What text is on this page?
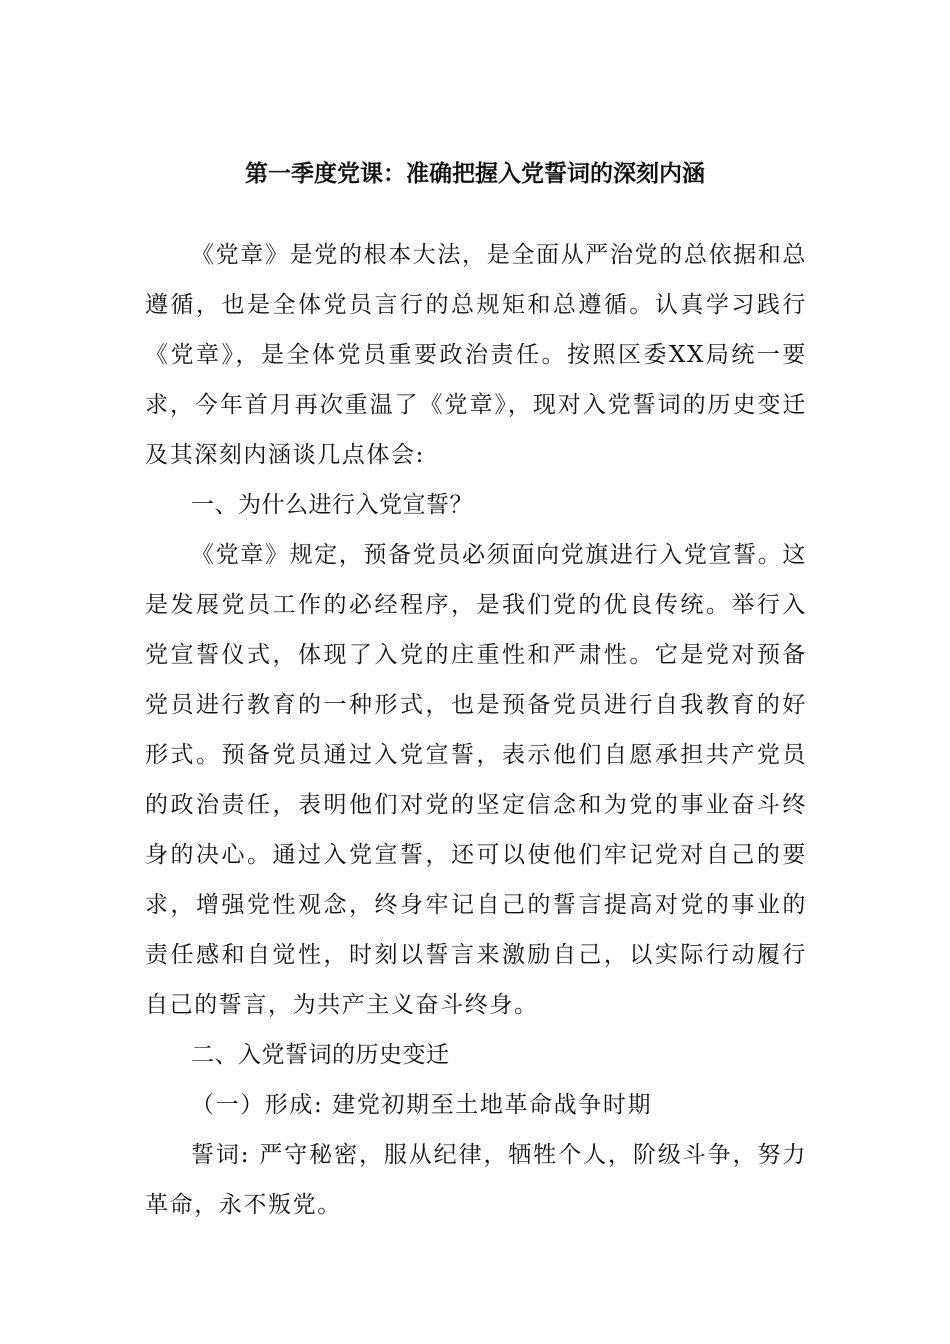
第一季度党课：准确把握入党誓词的深刻内涵

《党章》是党的根本大法，是全面从严治党的总依据和总遵循，也是全体党员言行的总规矩和总遵循。认真学习践行《党章》，是全体党员重要政治责任。按照区委XX局统一要求，今年首月再次重温了《党章》，现对入党誓词的历史变迁及其深刻内涵谈几点体会:

一、为什么进行入党宣誓？

《党章》规定，预备党员必须面向党旗进行入党宣誓。这是发展党员工作的必经程序，是我们党的优良传统。举行入党宣誓仪式，体现了入党的庄重性和严肃性。它是党对预备党员进行教育的一种形式，也是预备党员进行自我教育的好形式。预备党员通过入党宣誓，表示他们自愿承担共产党员的政治责任，表明他们对党的坚定信念和为党的事业奋斗终身的决心。通过入党宣誓，还可以使他们牢记党对自己的要求，增强党性观念，终身牢记自己的誓言提高对党的事业的责任感和自觉性，时刻以誓言来激励自己，以实际行动履行自己的誓言，为共产主义奋斗终身。

二、入党誓词的历史变迁

（一）形成: 建党初期至土地革命战争时期

誓词: 严守秘密，服从纪律，牺牲个人，阶级斗争，努力革命，永不叛党。
